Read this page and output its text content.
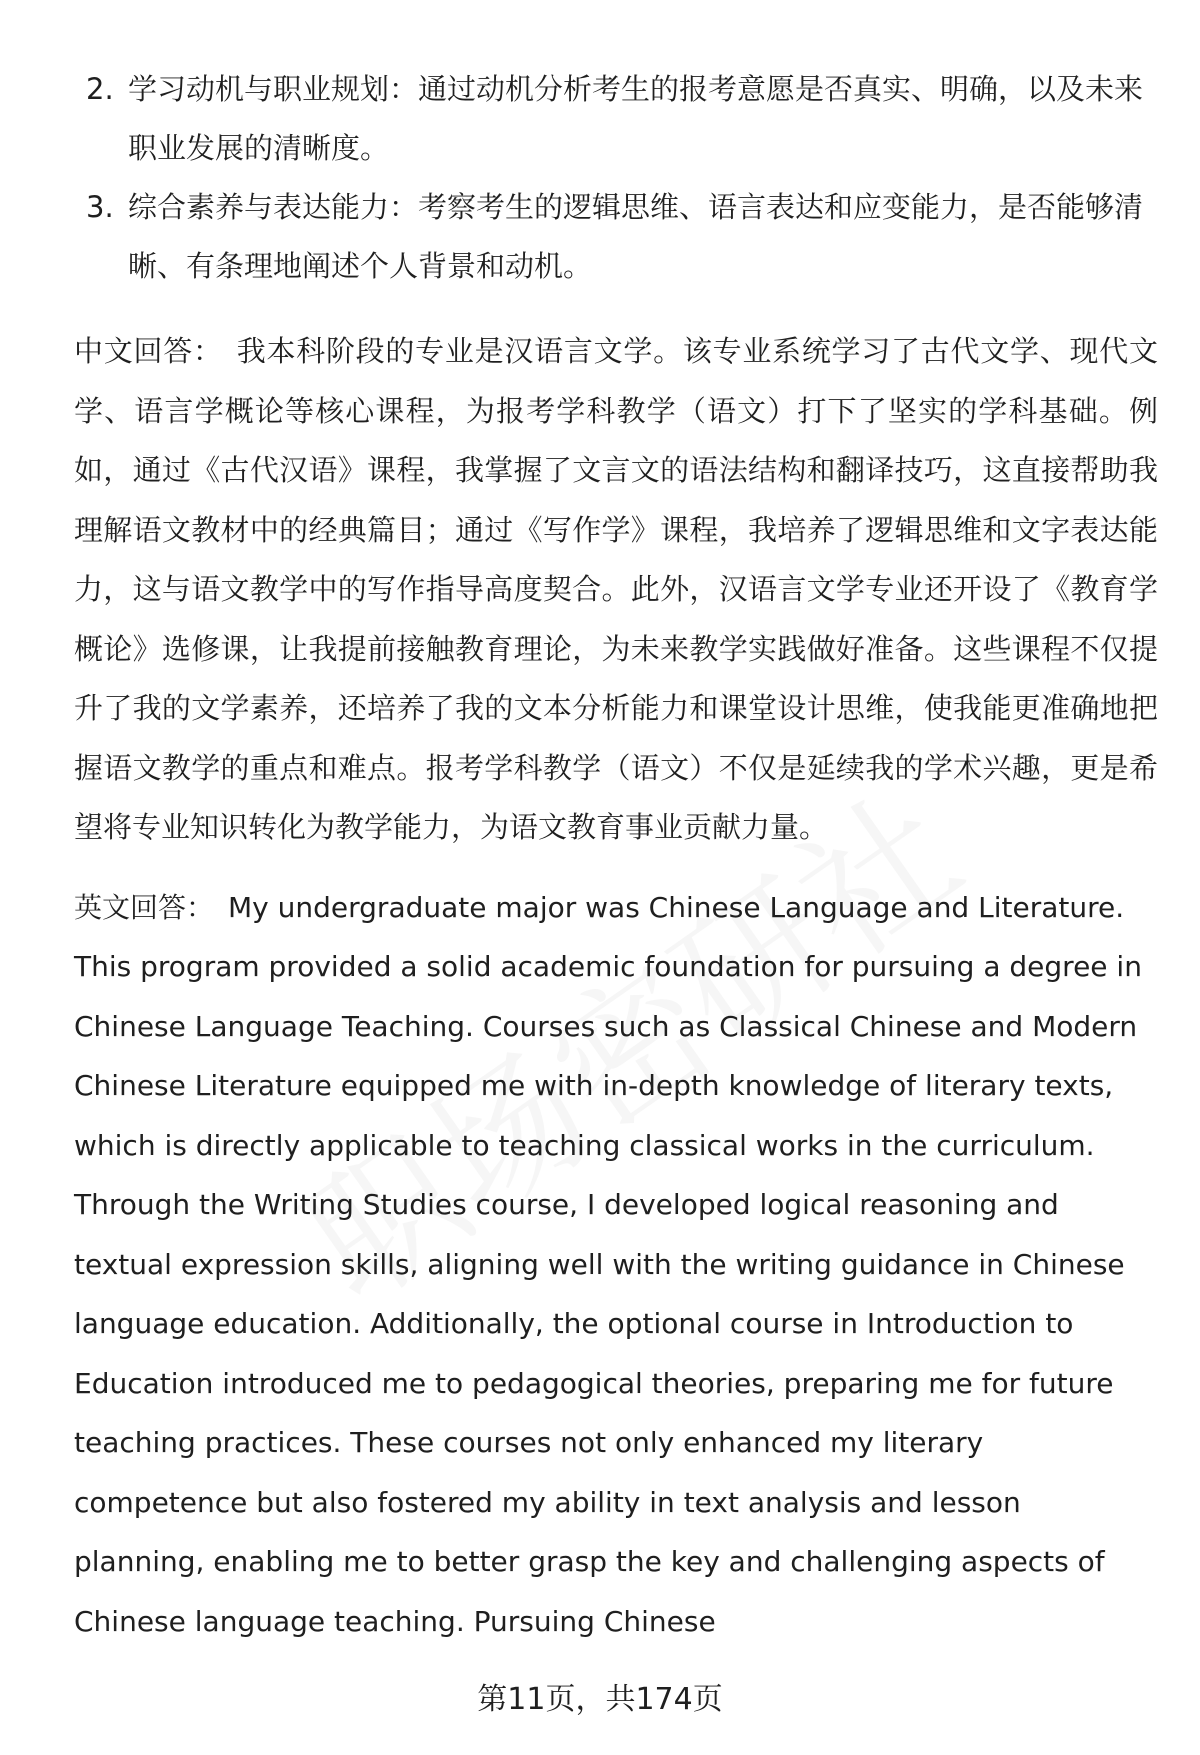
2. 学习动机与职业规划：通过动机分析考生的报考意愿是否真实、明确，以及未来职业发展的清晰度。
3. 综合素养与表达能力：考察考生的逻辑思维、语言表达和应变能力，是否能够清晰、有条理地阐述个人背景和动机。

中文回答： 我本科阶段的专业是汉语言文学。该专业系统学习了古代文学、现代文学、语言学概论等核心课程，为报考学科教学（语文）打下了坚实的学科基础。例如，通过《古代汉语》课程，我掌握了文言文的语法结构和翻译技巧，这直接帮助我理解语文教材中的经典篇目；通过《写作学》课程，我培养了逻辑思维和文字表达能力，这与语文教学中的写作指导高度契合。此外，汉语言文学专业还开设了《教育学概论》选修课，让我提前接触教育理论，为未来教学实践做好准备。这些课程不仅提升了我的文学素养，还培养了我的文本分析能力和课堂设计思维，使我能更准确地把握语文教学的重点和难点。报考学科教学（语文）不仅是延续我的学术兴趣，更是希望将专业知识转化为教学能力，为语文教育事业贡献力量。

英文回答： My undergraduate major was Chinese Language and Literature. This program provided a solid academic foundation for pursuing a degree in Chinese Language Teaching. Courses such as Classical Chinese and Modern Chinese Literature equipped me with in-depth knowledge of literary texts, which is directly applicable to teaching classical works in the curriculum. Through the Writing Studies course, I developed logical reasoning and textual expression skills, aligning well with the writing guidance in Chinese language education. Additionally, the optional course in Introduction to Education introduced me to pedagogical theories, preparing me for future teaching practices. These courses not only enhanced my literary competence but also fostered my ability in text analysis and lesson planning, enabling me to better grasp the key and challenging aspects of Chinese language teaching. Pursuing Chinese

第11页，共174页
